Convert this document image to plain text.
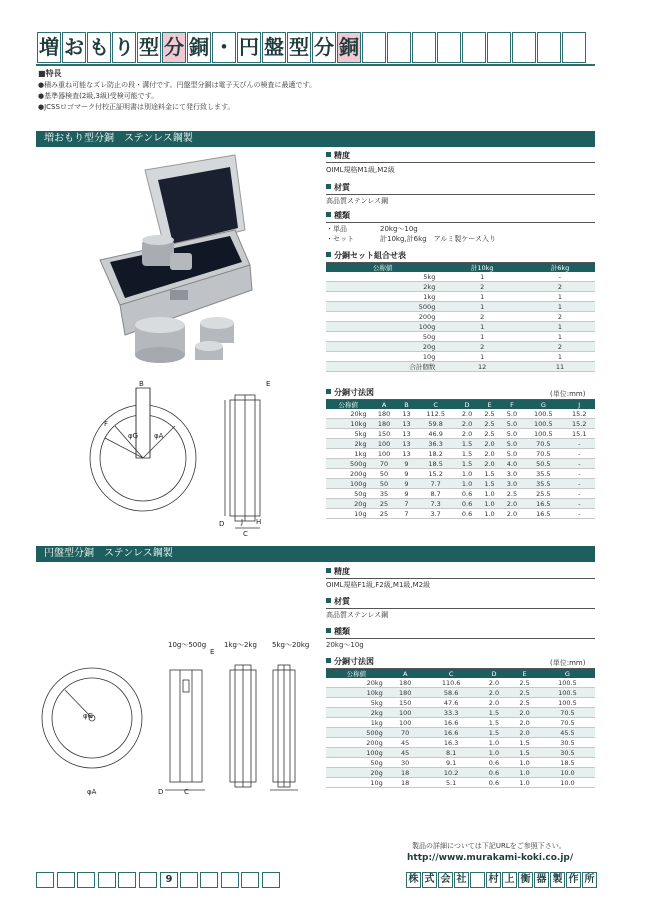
増 お も り 型 分 銅 ・ 円 盤 型 分 銅
■特長
●積み重ね可能なズレ防止の段・溝付です。円盤型分銅は電子天びんの検査に最適です。
●基準器検査(2級,3級)受検可能です。
●JCSSロゴマーク付校正証明書は別途料金にて発行致します。
増おもり型分銅　ステンレス鋼製
精度
OIML規格M1級,M2級
材質
高品質ステンレス鋼
種類
・単品	20kg～10g
・セット	計10kg,計6kg　アルミ製ケース入り
分銅セット組合せ表
公称値	計10kg	計6kg
5kg	1	-
2kg	2	2
1kg	1	1
500g	1	1
200g	2	2
100g	1	1
50g	1	1
20g	2	2
10g	1	1
合計個数	12	11
分銅寸法図	(単位:mm)
公称値	A	B	C	D	E	F	G	J
20kg	180	13	112.5	2.0	2.5	5.0	100.5	15.2
10kg	180	13	59.8	2.0	2.5	5.0	100.5	15.2
5kg	150	13	46.9	2.0	2.5	5.0	100.5	15.1
2kg	100	13	36.3	1.5	2.0	5.0	70.5	-
1kg	100	13	18.2	1.5	2.0	5.0	70.5	-
500g	70	9	18.5	1.5	2.0	4.0	50.5	-
200g	50	9	15.2	1.0	1.5	3.0	35.5	-
100g	50	9	7.7	1.0	1.5	3.0	35.5	-
50g	35	9	8.7	0.6	1.0	2.5	25.5	-
20g	25	7	7.3	0.6	1.0	2.0	16.5	-
10g	25	7	3.7	0.6	1.0	2.0	16.5	-
B	E
F
φG φA
D J H
C
円盤型分銅　ステンレス鋼製
精度
OIML規格F1級,F2級,M1級,M2級
材質
高品質ステンレス鋼
種類
20kg～10g
分銅寸法図	(単位:mm)
公称値	A	C	D	E	G
20kg	180	110.6	2.0	2.5	100.5
10kg	180	58.6	2.0	2.5	100.5
5kg	150	47.6	2.0	2.5	100.5
2kg	100	33.3	1.5	2.0	70.5
1kg	100	16.6	1.5	2.0	70.5
500g	70	16.6	1.5	2.0	45.5
200g	45	16.3	1.0	1.5	30.5
100g	45	8.1	1.0	1.5	30.5
50g	30	9.1	0.6	1.0	18.5
20g	18	10.2	0.6	1.0	10.0
10g	18	5.1	0.6	1.0	10.0
10g～500g	1kg～2kg 5kg～20kg
φG
φA
E
D	C
製品の詳細については下記URLをご参照下さい。
http://www.murakami-koki.co.jp/
9	株 式 会 社 村 上 衡 器 製 作 所
